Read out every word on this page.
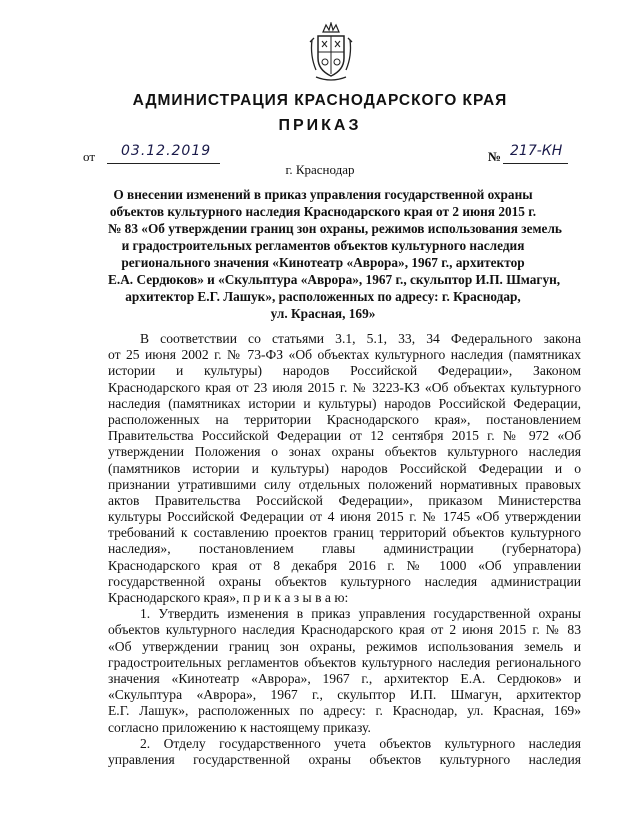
АДМИНИСТРАЦИЯ КРАСНОДАРСКОГО КРАЯ
ПРИКАЗ
от 03.12.2019	№ 217-КН
г. Краснодар
О внесении изменений в приказ управления государственной охраны
объектов культурного наследия Краснодарского края от 2 июня 2015 г.
№ 83 «Об утверждении границ зон охраны, режимов использования земель
и градостроительных регламентов объектов культурного наследия
регионального значения «Кинотеатр «Аврора», 1967 г., архитектор
Е.А. Сердюков» и «Скульптура «Аврора», 1967 г., скульптор И.П. Шмагун,
архитектор Е.Г. Лашук», расположенных по адресу: г. Краснодар,
ул. Красная, 169»
В соответствии со статьями 3.1, 5.1, 33, 34 Федерального закона
от 25 июня 2002 г. № 73-ФЗ «Об объектах культурного наследия (памятниках
истории и культуры) народов Российской Федерации», Законом
Краснодарского края от 23 июля 2015 г. № 3223-КЗ «Об объектах культурного
наследия (памятниках истории и культуры) народов Российской Федерации,
расположенных на территории Краснодарского края», постановлением
Правительства Российской Федерации от 12 сентября 2015 г. № 972 «Об
утверждении Положения о зонах охраны объектов культурного наследия
(памятников истории и культуры) народов Российской Федерации и о
признании утратившими силу отдельных положений нормативных правовых
актов Правительства Российской Федерации», приказом Министерства
культуры Российской Федерации от 4 июня 2015 г. № 1745 «Об утверждении
требований к составлению проектов границ территорий объектов культурного
наследия», постановлением главы администрации (губернатора)
Краснодарского края от 8 декабря 2016 г. № 1000 «Об управлении
государственной охраны объектов культурного наследия администрации
Краснодарского края», п р и к а з ы в а ю:
1. Утвердить изменения в приказ управления государственной охраны
объектов культурного наследия Краснодарского края от 2 июня 2015 г. № 83
«Об утверждении границ зон охраны, режимов использования земель и
градостроительных регламентов объектов культурного наследия регионального
значения «Кинотеатр «Аврора», 1967 г., архитектор Е.А. Сердюков» и
«Скульптура «Аврора», 1967 г., скульптор И.П. Шмагун, архитектор
Е.Г. Лашук», расположенных по адресу: г. Краснодар, ул. Красная, 169»
согласно приложению к настоящему приказу.
2. Отделу государственного учета объектов культурного наследия
управления государственной охраны объектов культурного наследия
